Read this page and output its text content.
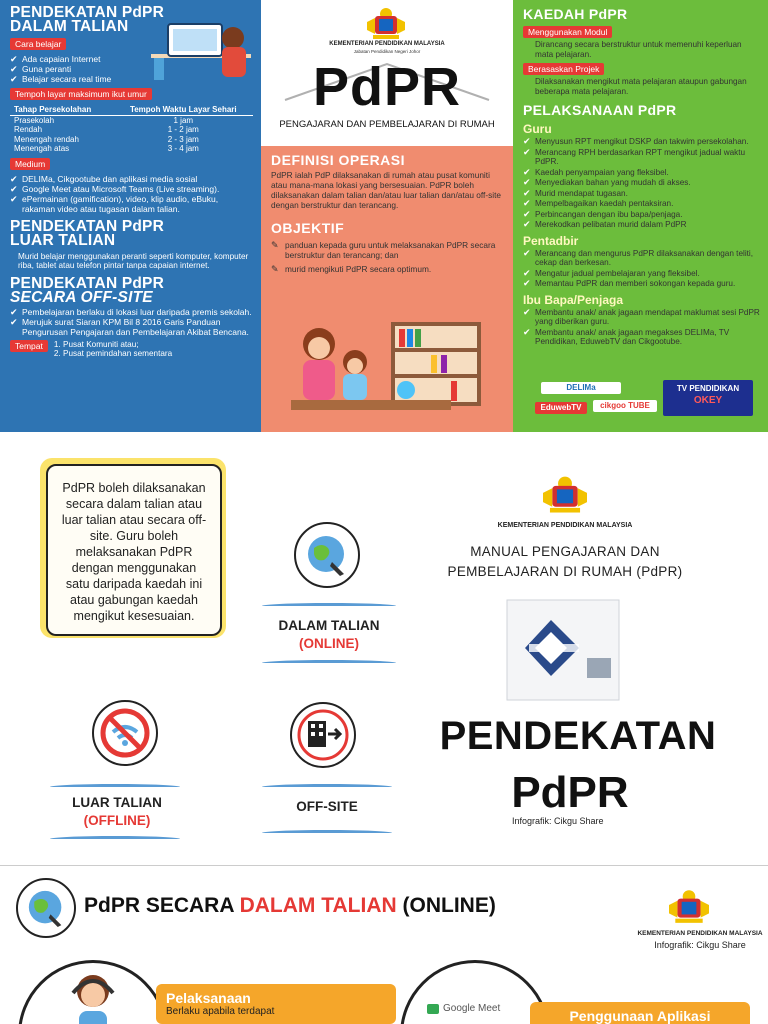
PENDEKATAN PdPR
DALAM TALIAN
Cara belajar
✔ Ada capaian Internet
✔ Guna peranti
✔ Belajar secara real time
Tempoh layar maksimum ikut umur
Tahap Persekolahan	Tempoh Waktu Layar Sehari
Prasekolah	1 jam
Rendah	1 - 2 jam
Menengah rendah	2 - 3 jam
Menengah atas	3 - 4 jam
Medium
✔ DELIMa, Cikgootube dan aplikasi media sosial
✔ Google Meet atau Microsoft Teams (Live streaming).
✔ ePermainan (gamification), video, klip audio, eBuku, rakaman video atau tugasan dalam talian.
PENDEKATAN PdPR
LUAR TALIAN
Murid belajar menggunakan peranti seperti komputer, komputer riba, tablet atau telefon pintar tanpa capaian internet.
PENDEKATAN PdPR
SECARA OFF-SITE
✔ Pembelajaran berlaku di lokasi luar daripada premis sekolah.
✔ Merujuk surat Siaran KPM Bil 8 2016 Garis Panduan Pengurusan Pengajaran dan Pembelajaran Akibat Bencana.
Tempat	1. Pusat Komuniti atau;
2. Pusat pemindahan sementara
KEMENTERIAN PENDIDIKAN MALAYSIA
Jabatan Pendidikan Negeri Johor
PdPR
PENGAJARAN DAN PEMBELAJARAN DI RUMAH
DEFINISI OPERASI
PdPR ialah PdP dilaksanakan di rumah atau pusat komuniti atau mana-mana lokasi yang bersesuaian. PdPR boleh dilaksanakan dalam talian dan/atau luar talian dan/atau off-site dengan berstruktur dan terancang.
OBJEKTIF
✎ panduan kepada guru untuk melaksanakan PdPR secara berstruktur dan terancang; dan
✎ murid mengikuti PdPR secara optimum.
KAEDAH PdPR
Menggunakan Modul
Dirancang secara berstruktur untuk memenuhi keperluan mata pelajaran.
Berasaskan Projek
Dilaksanakan mengikut mata pelajaran ataupun gabungan beberapa mata pelajaran.
PELAKSANAAN PdPR
Guru
✔ Menyusun RPT mengikut DSKP dan takwim persekolahan.
✔ Merancang RPH berdasarkan RPT mengikut jadual waktu PdPR.
✔ Kaedah penyampaian yang fleksibel.
✔ Menyediakan bahan yang mudah di akses.
✔ Murid mendapat tugasan.
✔ Mempelbagaikan kaedah pentaksiran.
✔ Perbincangan dengan ibu bapa/penjaga.
✔ Merekodkan pelibatan murid dalam PdPR
Pentadbir
✔ Merancang dan mengurus PdPR dilaksanakan dengan teliti, cekap dan berkesan.
✔ Mengatur jadual pembelajaran yang fleksibel.
✔ Memantau PdPR dan memberi sokongan kepada guru.
Ibu Bapa/Penjaga
✔ Membantu anak/ anak jagaan mendapat maklumat sesi PdPR yang diberikan guru.
✔ Membantu anak/ anak jagaan megakses DELIMa, TV Pendidikan, EduwebTV dan Cikgootube.
DELIMa	TV PENDIDIKAN
OKEY
EduwebTV	cikgoo TUBE
PdPR boleh dilaksanakan secara dalam talian atau luar talian atau secara off-site. Guru boleh melaksanakan PdPR dengan menggunakan satu daripada kaedah ini atau gabungan kaedah mengikut kesesuaian.
DALAM TALIAN
(ONLINE)
LUAR TALIAN
(OFFLINE)
OFF-SITE
KEMENTERIAN PENDIDIKAN MALAYSIA
MANUAL PENGAJARAN DAN
PEMBELAJARAN DI RUMAH (PdPR)
PENDEKATAN
PdPR
Infografik: Cikgu Share
PdPR SECARA DALAM TALIAN (ONLINE)
KEMENTERIAN PENDIDIKAN MALAYSIA
Infografik: Cikgu Share
Pelaksanaan
Berlaku apabila terdapat	Google Meet	Penggunaan Aplikasi
